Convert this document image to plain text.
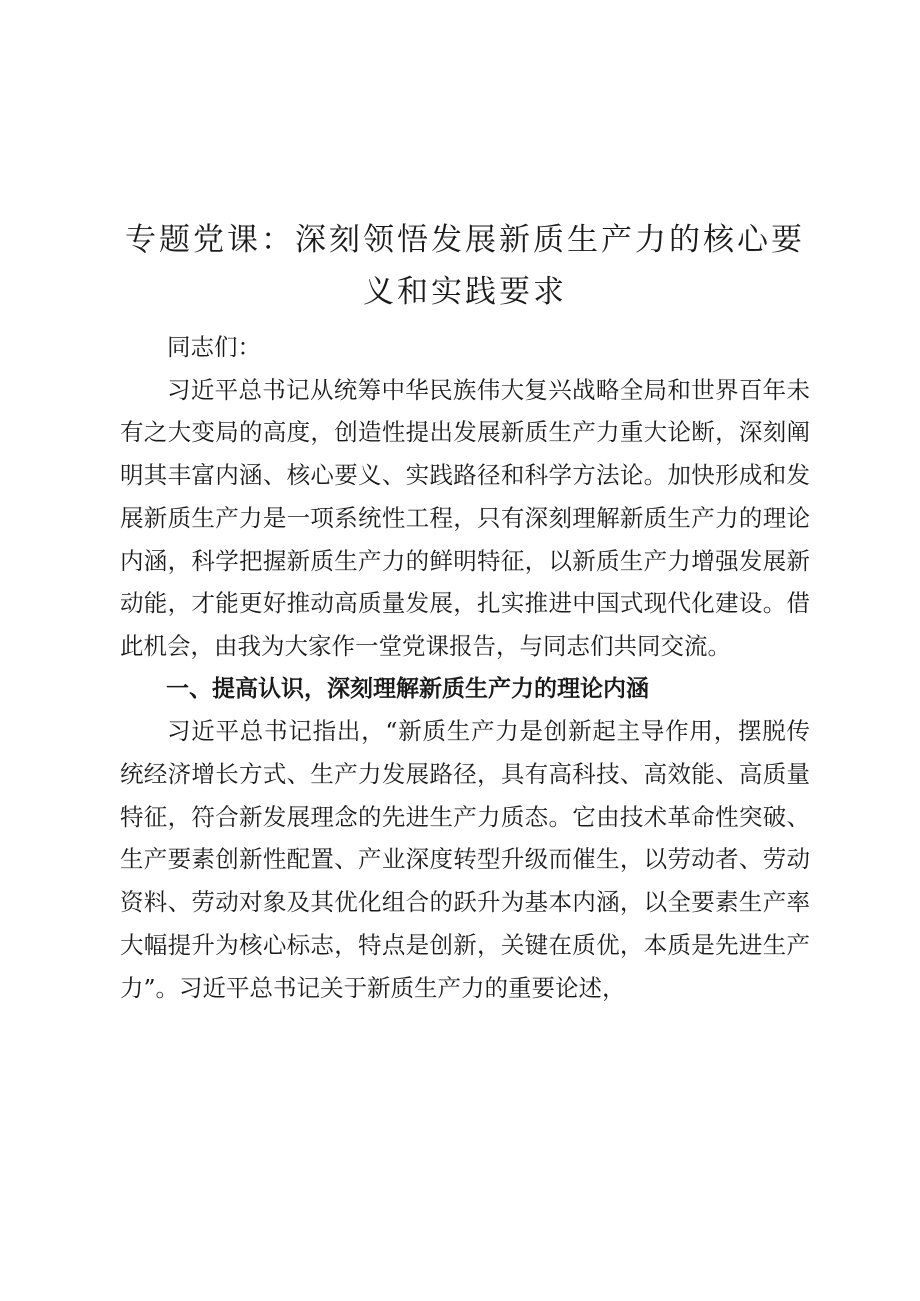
专题党课：深刻领悟发展新质生产力的核心要义和实践要求

同志们：

习近平总书记从统筹中华民族伟大复兴战略全局和世界百年未有之大变局的高度，创造性提出发展新质生产力重大论断，深刻阐明其丰富内涵、核心要义、实践路径和科学方法论。加快形成和发展新质生产力是一项系统性工程，只有深刻理解新质生产力的理论内涵，科学把握新质生产力的鲜明特征，以新质生产力增强发展新动能，才能更好推动高质量发展，扎实推进中国式现代化建设。借此机会，由我为大家作一堂党课报告，与同志们共同交流。

一、提高认识，深刻理解新质生产力的理论内涵

习近平总书记指出，“新质生产力是创新起主导作用，摆脱传统经济增长方式、生产力发展路径，具有高科技、高效能、高质量特征，符合新发展理念的先进生产力质态。它由技术革命性突破、生产要素创新性配置、产业深度转型升级而催生，以劳动者、劳动资料、劳动对象及其优化组合的跃升为基本内涵，以全要素生产率大幅提升为核心标志，特点是创新，关键在质优，本质是先进生产力”。习近平总书记关于新质生产力的重要论述，
